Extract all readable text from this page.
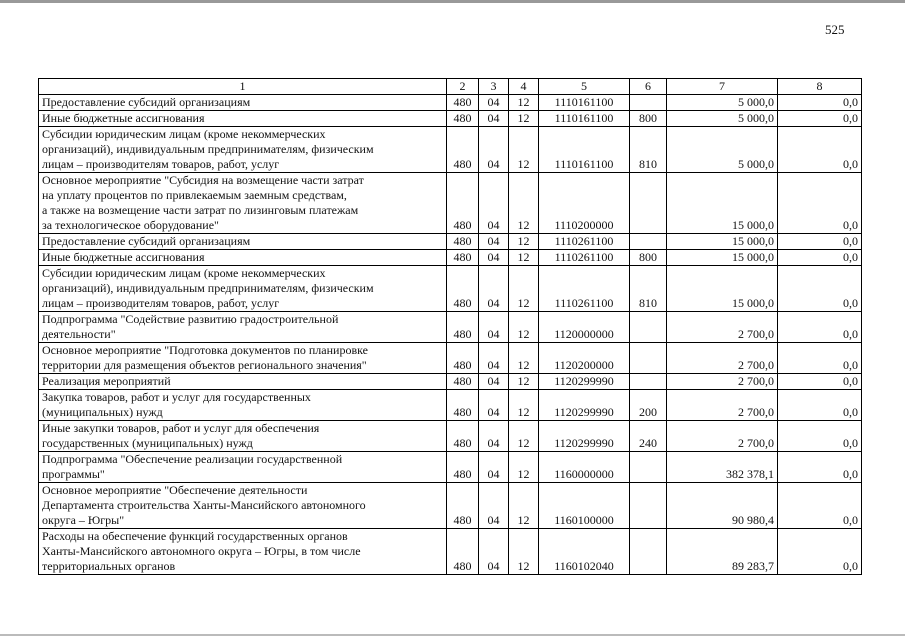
525
1	2	3	4	5	6	7	8
Предоставление субсидий организациям	480	04	12	1110161100		5 000,0	0,0
Иные бюджетные ассигнования	480	04	12	1110161100	800	5 000,0	0,0
Субсидии юридическим лицам (кроме некоммерческих
организаций), индивидуальным предпринимателям, физическим
лицам – производителям товаров, работ, услуг	480	04	12	1110161100	810	5 000,0	0,0
Основное мероприятие "Субсидия на возмещение части затрат
на уплату процентов по привлекаемым заемным средствам,
а также на возмещение части затрат по лизинговым платежам
за технологическое оборудование"	480	04	12	1110200000		15 000,0	0,0
Предоставление субсидий организациям	480	04	12	1110261100		15 000,0	0,0
Иные бюджетные ассигнования	480	04	12	1110261100	800	15 000,0	0,0
Субсидии юридическим лицам (кроме некоммерческих
организаций), индивидуальным предпринимателям, физическим
лицам – производителям товаров, работ, услуг	480	04	12	1110261100	810	15 000,0	0,0
Подпрограмма "Содействие развитию градостроительной
деятельности"	480	04	12	1120000000		2 700,0	0,0
Основное мероприятие "Подготовка документов по планировке
территории для размещения объектов регионального значения"	480	04	12	1120200000		2 700,0	0,0
Реализация мероприятий	480	04	12	1120299990		2 700,0	0,0
Закупка товаров, работ и услуг для государственных
(муниципальных) нужд	480	04	12	1120299990	200	2 700,0	0,0
Иные закупки товаров, работ и услуг для обеспечения
государственных (муниципальных) нужд	480	04	12	1120299990	240	2 700,0	0,0
Подпрограмма "Обеспечение реализации государственной
программы"	480	04	12	1160000000		382 378,1	0,0
Основное мероприятие "Обеспечение деятельности
Департамента строительства Ханты-Мансийского автономного
округа – Югры"	480	04	12	1160100000		90 980,4	0,0
Расходы на обеспечение функций государственных органов
Ханты-Мансийского автономного округа – Югры, в том числе
территориальных органов	480	04	12	1160102040		89 283,7	0,0
